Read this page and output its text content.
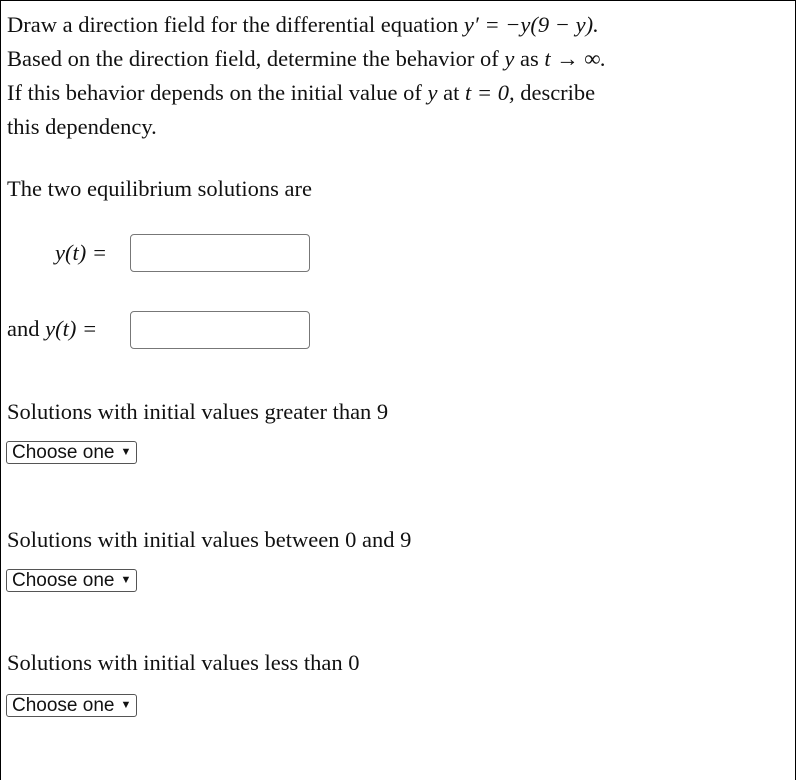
Draw a direction field for the differential equation y′ = −y(9 − y).
Based on the direction field, determine the behavior of y as t → ∞.
If this behavior depends on the initial value of y at t = 0, describe
this dependency.
The two equilibrium solutions are
y(t) =
and y(t) =
Solutions with initial values greater than 9
Choose one ▼
Solutions with initial values between 0 and 9
Choose one ▼
Solutions with initial values less than 0
Choose one ▼
